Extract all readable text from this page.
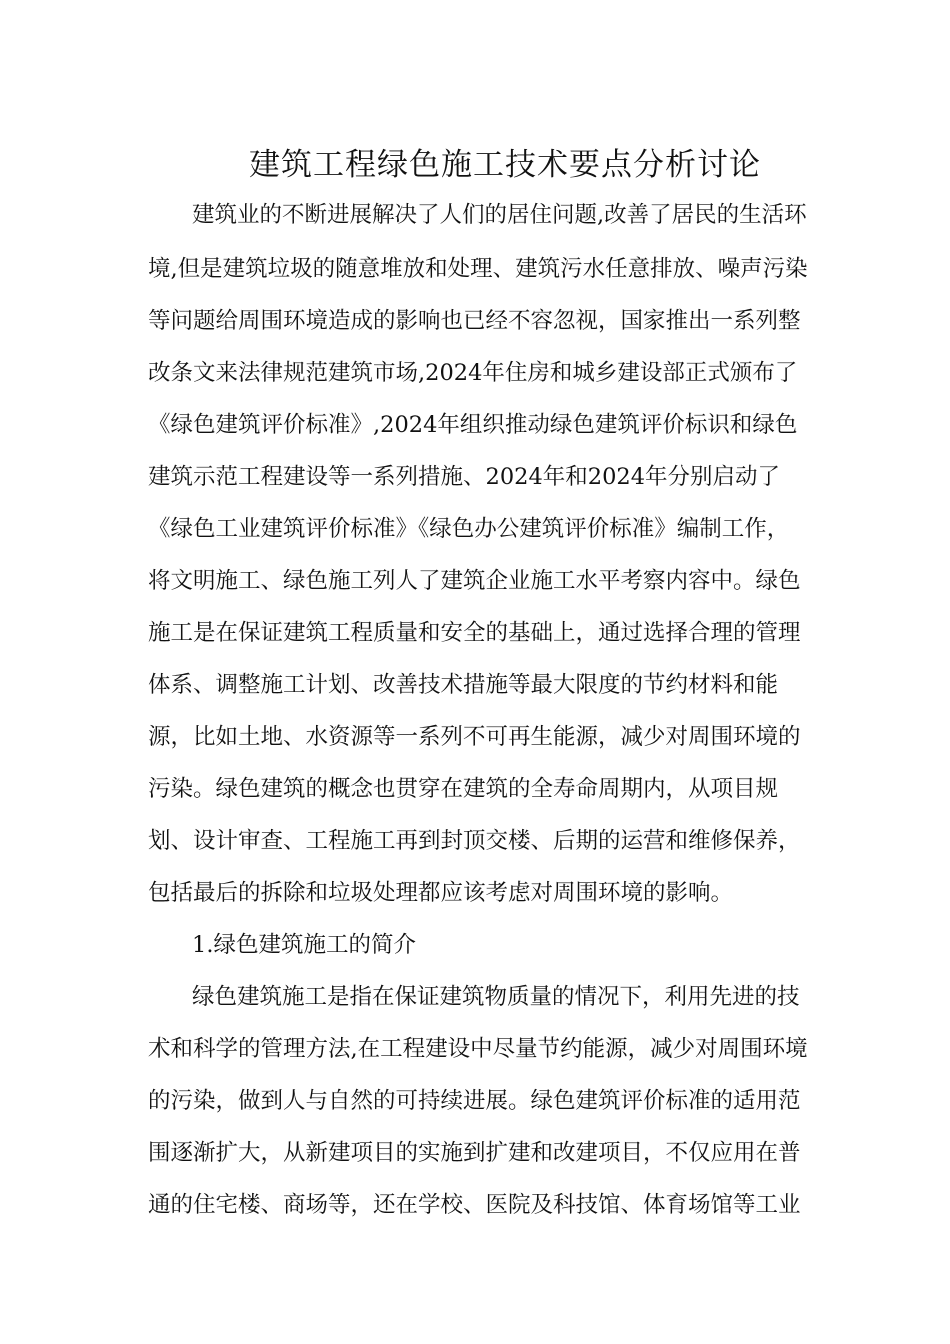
建筑工程绿色施工技术要点分析讨论
建筑业的不断进展解决了人们的居住问题,改善了居民的生活环
境,但是建筑垃圾的随意堆放和处理、建筑污水任意排放、噪声污染
等问题给周围环境造成的影响也已经不容忽视，国家推出一系列整
改条文来法律规范建筑市场,2024年住房和城乡建设部正式颁布了
《绿色建筑评价标准》,2024年组织推动绿色建筑评价标识和绿色
建筑示范工程建设等一系列措施、2024年和2024年分别启动了
《绿色工业建筑评价标准》《绿色办公建筑评价标准》编制工作，
将文明施工、绿色施工列人了建筑企业施工水平考察内容中。绿色
施工是在保证建筑工程质量和安全的基础上，通过选择合理的管理
体系、调整施工计划、改善技术措施等最大限度的节约材料和能
源，比如土地、水资源等一系列不可再生能源，减少对周围环境的
污染。绿色建筑的概念也贯穿在建筑的全寿命周期内，从项目规
划、设计审查、工程施工再到封顶交楼、后期的运营和维修保养，
包括最后的拆除和垃圾处理都应该考虑对周围环境的影响。
1.绿色建筑施工的简介
绿色建筑施工是指在保证建筑物质量的情况下，利用先进的技
术和科学的管理方法,在工程建设中尽量节约能源，减少对周围环境
的污染，做到人与自然的可持续进展。绿色建筑评价标准的适用范
围逐渐扩大，从新建项目的实施到扩建和改建项目，不仅应用在普
通的住宅楼、商场等，还在学校、医院及科技馆、体育场馆等工业
